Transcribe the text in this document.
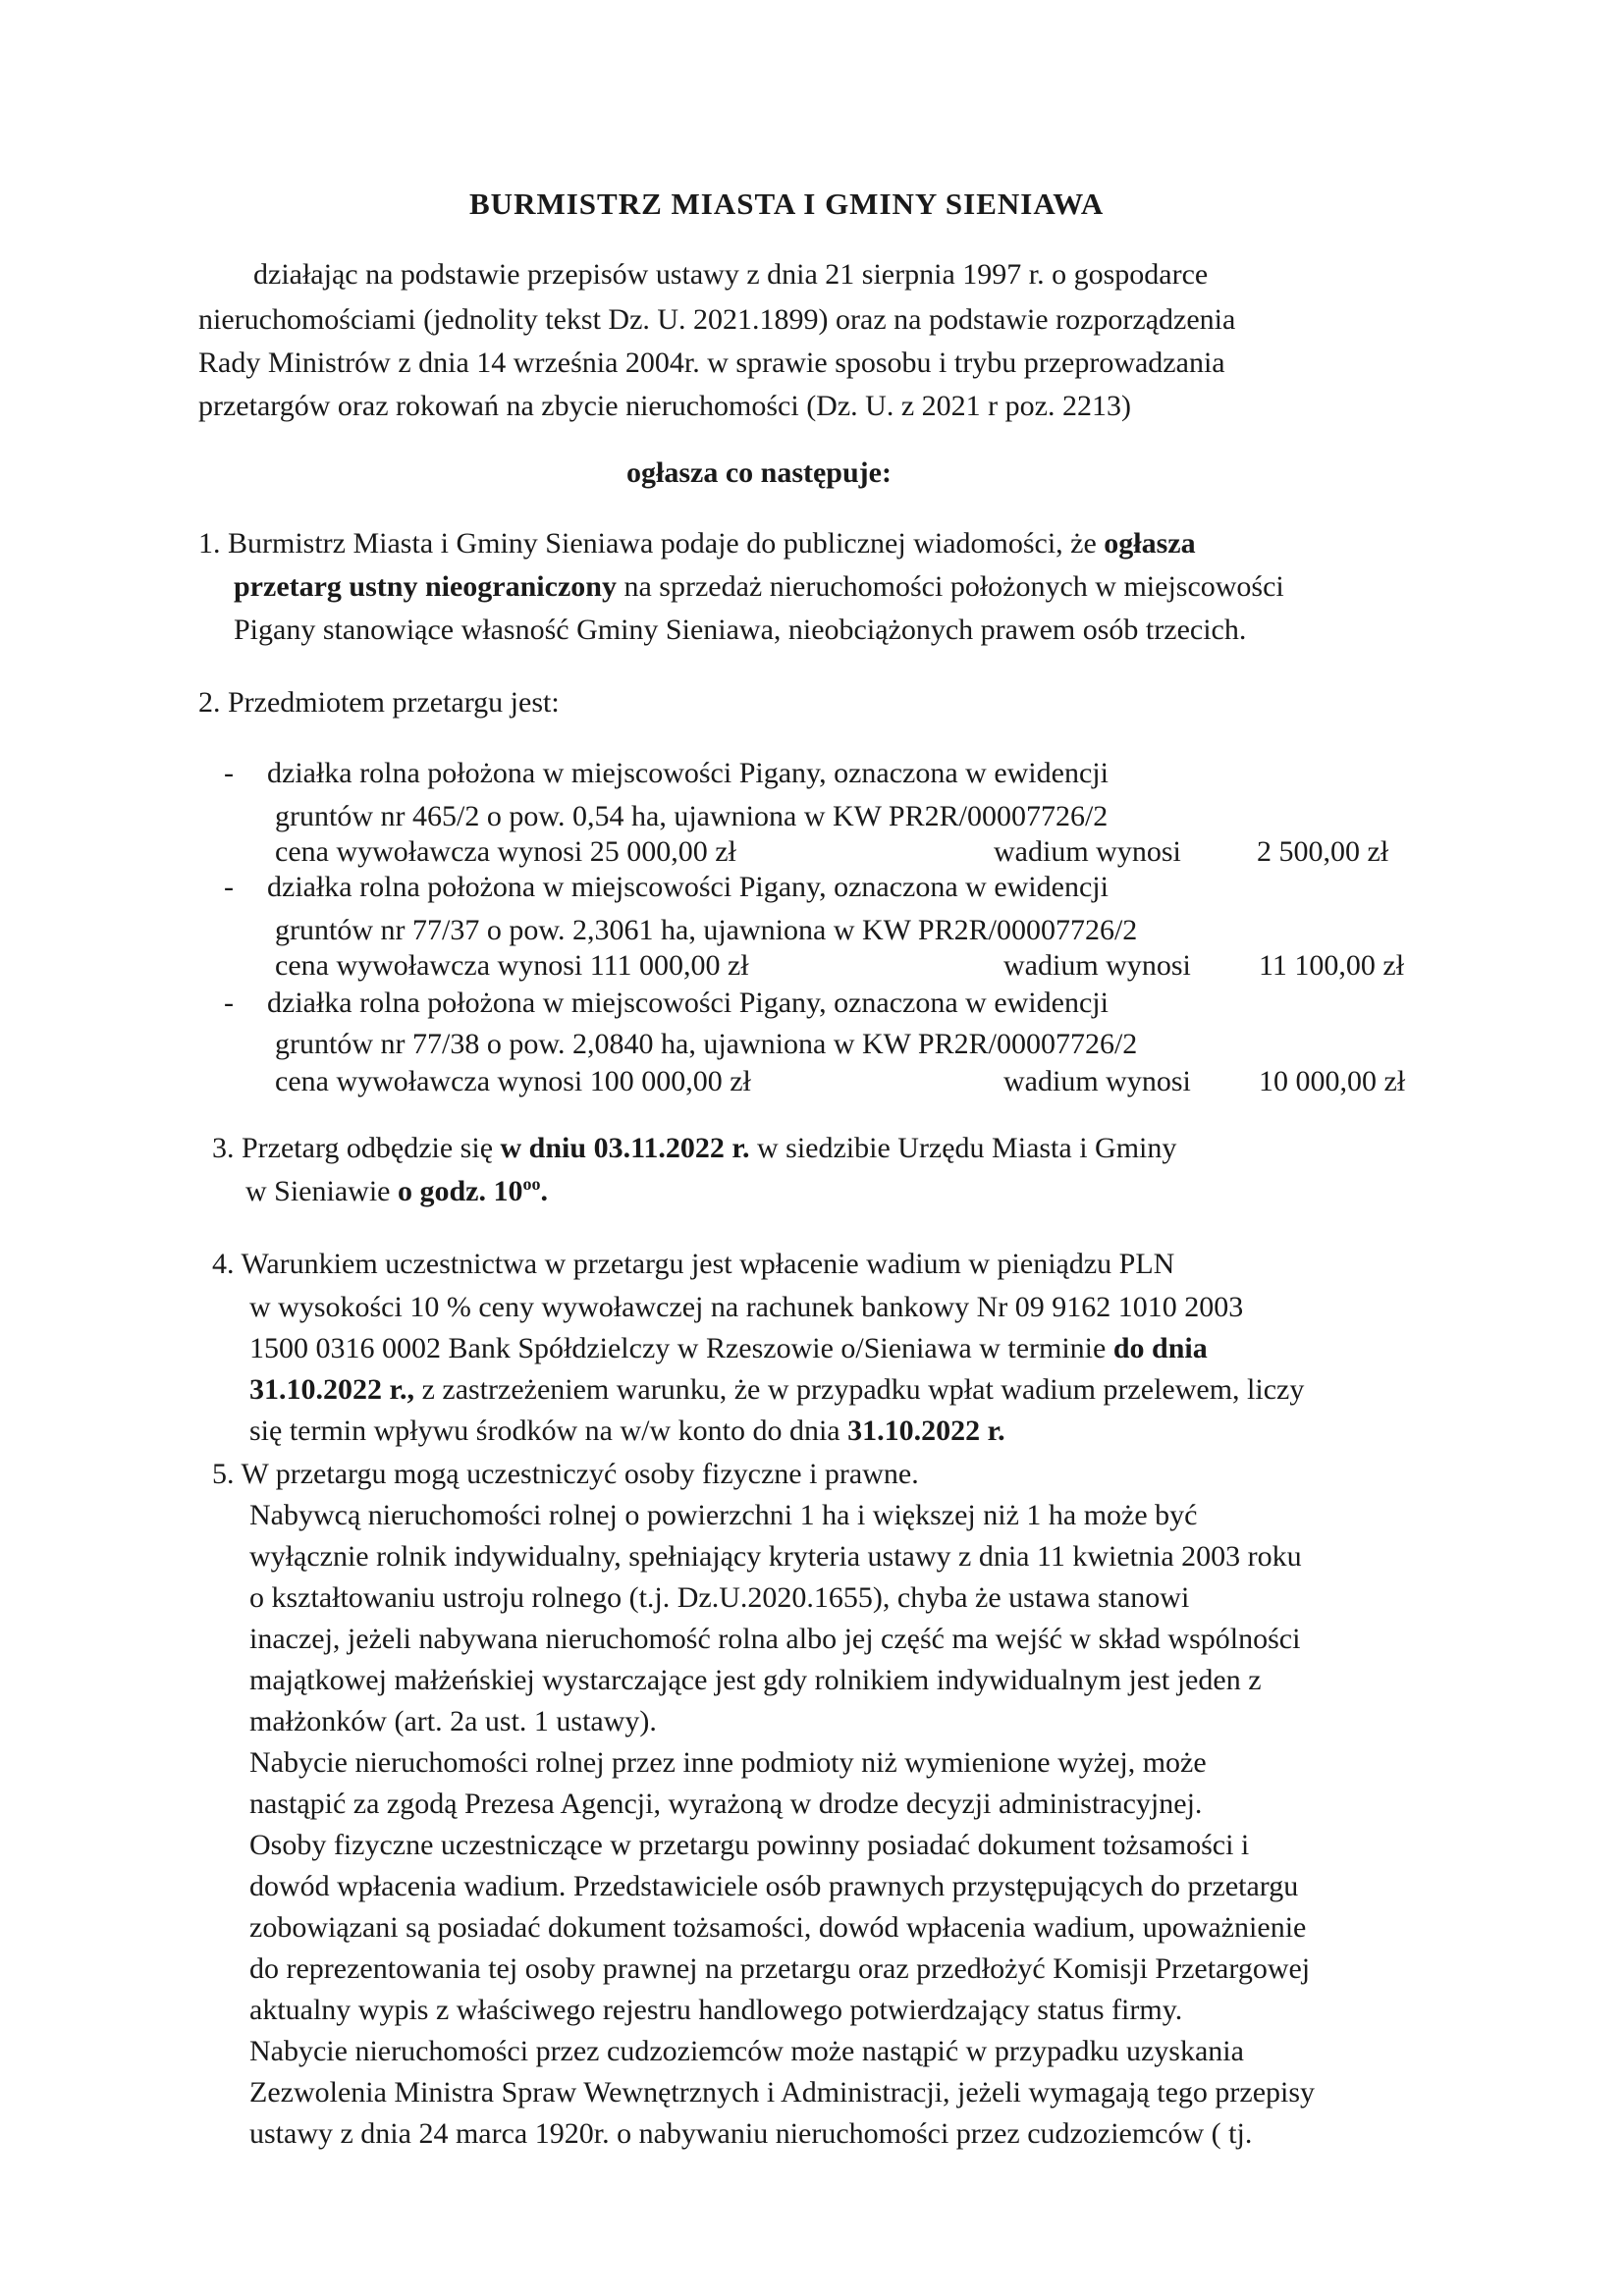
BURMISTRZ MIASTA I GMINY SIENIAWA
działając na podstawie przepisów ustawy z dnia 21 sierpnia 1997 r. o gospodarce
nieruchomościami (jednolity tekst Dz. U. 2021.1899) oraz na podstawie rozporządzenia
Rady Ministrów z dnia 14 września 2004r. w sprawie sposobu i trybu przeprowadzania
przetargów oraz rokowań na zbycie nieruchomości (Dz. U. z 2021 r poz. 2213)
ogłasza co następuje:
1. Burmistrz Miasta i Gminy Sieniawa podaje do publicznej wiadomości, że ogłasza
przetarg ustny nieograniczony na sprzedaż nieruchomości położonych w miejscowości
Pigany stanowiące własność Gminy Sieniawa, nieobciążonych prawem osób trzecich.
2. Przedmiotem przetargu jest:
- działka rolna położona w miejscowości Pigany, oznaczona w ewidencji
gruntów nr 465/2 o pow. 0,54 ha, ujawniona w KW PR2R/00007726/2
cena wywoławcza wynosi 25 000,00 zł	wadium wynosi	2 500,00 zł
- działka rolna położona w miejscowości Pigany, oznaczona w ewidencji
gruntów nr 77/37 o pow. 2,3061 ha, ujawniona w KW PR2R/00007726/2
cena wywoławcza wynosi 111 000,00 zł	wadium wynosi 11 100,00 zł
- działka rolna położona w miejscowości Pigany, oznaczona w ewidencji
gruntów nr 77/38 o pow. 2,0840 ha, ujawniona w KW PR2R/00007726/2
cena wywoławcza wynosi 100 000,00 zł	wadium wynosi 10 000,00 zł
3. Przetarg odbędzie się w dniu 03.11.2022 r. w siedzibie Urzędu Miasta i Gminy
w Sieniawie o godz. $10^{oo}$.
4. Warunkiem uczestnictwa w przetargu jest wpłacenie wadium w pieniądzu PLN
w wysokości 10 % ceny wywoławczej na rachunek bankowy Nr 09 9162 1010 2003
1500 0316 0002 Bank Spółdzielczy w Rzeszowie o/Sieniawa w terminie do dnia
31.10.2022 r., z zastrzeżeniem warunku, że w przypadku wpłat wadium przelewem, liczy
się termin wpływu środków na w/w konto do dnia 31.10.2022 r.
5. W przetargu mogą uczestniczyć osoby fizyczne i prawne.
Nabywcą nieruchomości rolnej o powierzchni 1 ha i większej niż 1 ha może być
wyłącznie rolnik indywidualny, spełniający kryteria ustawy z dnia 11 kwietnia 2003 roku
o kształtowaniu ustroju rolnego (t.j. Dz.U.2020.1655), chyba że ustawa stanowi
inaczej, jeżeli nabywana nieruchomość rolna albo jej część ma wejść w skład wspólności
majątkowej małżeńskiej wystarczające jest gdy rolnikiem indywidualnym jest jeden z
małżonków (art. 2a ust. 1 ustawy).
Nabycie nieruchomości rolnej przez inne podmioty niż wymienione wyżej, może
nastąpić za zgodą Prezesa Agencji, wyrażoną w drodze decyzji administracyjnej.
Osoby fizyczne uczestniczące w przetargu powinny posiadać dokument tożsamości i
dowód wpłacenia wadium. Przedstawiciele osób prawnych przystępujących do przetargu
zobowiązani są posiadać dokument tożsamości, dowód wpłacenia wadium, upoważnienie
do reprezentowania tej osoby prawnej na przetargu oraz przedłożyć Komisji Przetargowej
aktualny wypis z właściwego rejestru handlowego potwierdzający status firmy.
Nabycie nieruchomości przez cudzoziemców może nastąpić w przypadku uzyskania
Zezwolenia Ministra Spraw Wewnętrznych i Administracji, jeżeli wymagają tego przepisy
ustawy z dnia 24 marca 1920r. o nabywaniu nieruchomości przez cudzoziemców ( tj.
